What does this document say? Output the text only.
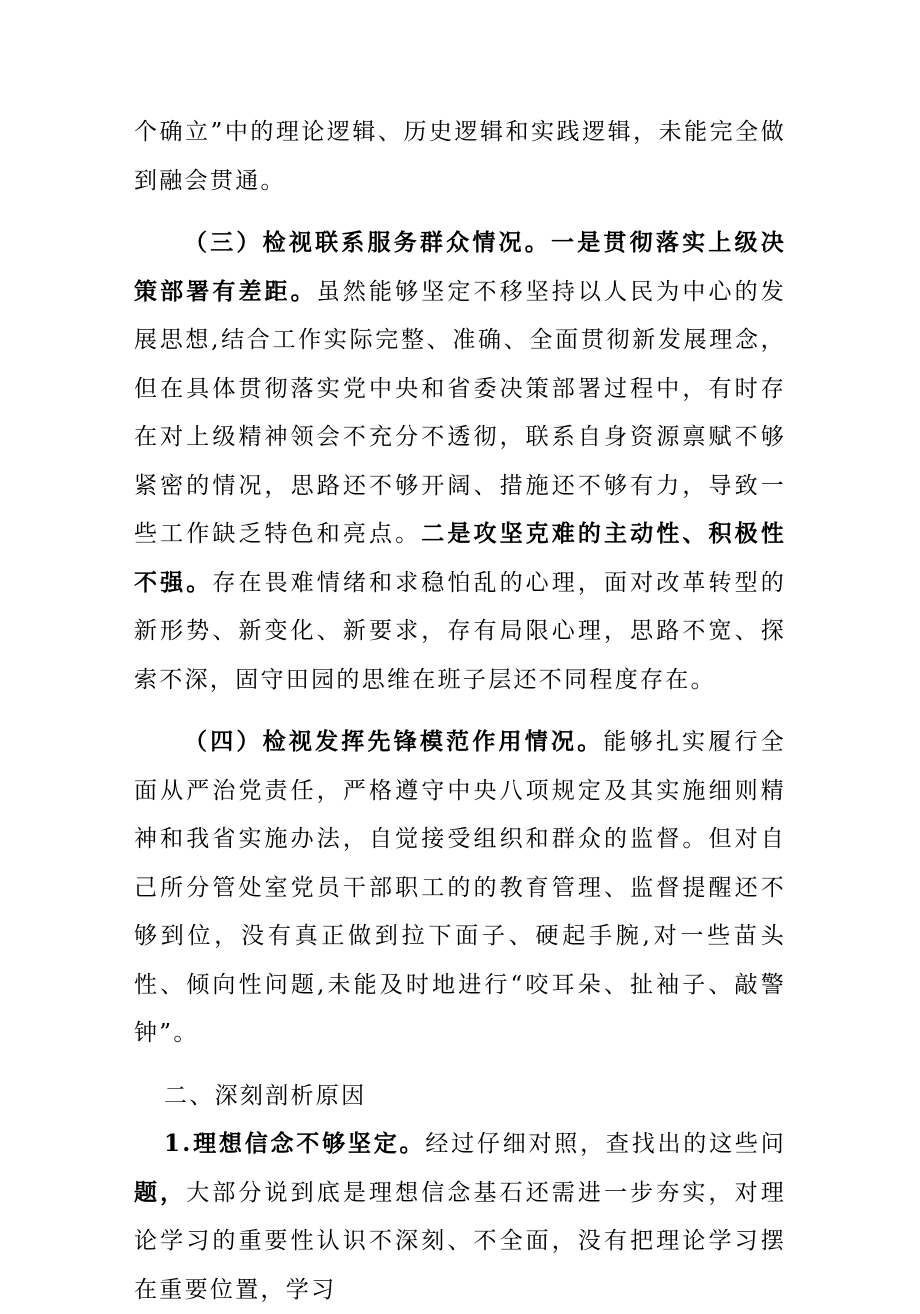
个确立”中的理论逻辑、历史逻辑和实践逻辑，未能完全做到融会贯通。

（三）检视联系服务群众情况。一是贯彻落实上级决策部署有差距。虽然能够坚定不移坚持以人民为中心的发展思想,结合工作实际完整、准确、全面贯彻新发展理念，但在具体贯彻落实党中央和省委决策部署过程中，有时存在对上级精神领会不充分不透彻，联系自身资源禀赋不够紧密的情况，思路还不够开阔、措施还不够有力，导致一些工作缺乏特色和亮点。二是攻坚克难的主动性、积极性不强。存在畏难情绪和求稳怕乱的心理，面对改革转型的新形势、新变化、新要求，存有局限心理，思路不宽、探索不深，固守田园的思维在班子层还不同程度存在。

（四）检视发挥先锋模范作用情况。能够扎实履行全面从严治党责任，严格遵守中央八项规定及其实施细则精神和我省实施办法，自觉接受组织和群众的监督。但对自己所分管处室党员干部职工的的教育管理、监督提醒还不够到位，没有真正做到拉下面子、硬起手腕,对一些苗头性、倾向性问题,未能及时地进行“咬耳朵、扯袖子、敲警钟”。

二、深刻剖析原因

1.理想信念不够坚定。经过仔细对照，查找出的这些问题，大部分说到底是理想信念基石还需进一步夯实，对理论学习的重要性认识不深刻、不全面，没有把理论学习摆在重要位置，学习
